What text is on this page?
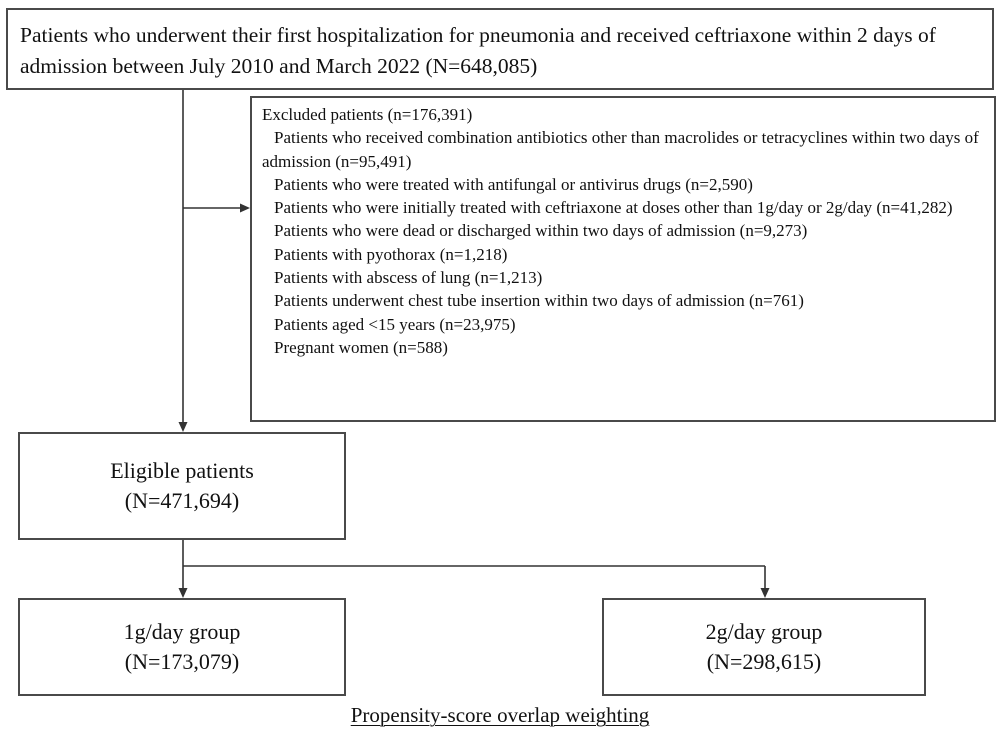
Patients who underwent their first hospitalization for pneumonia and received ceftriaxone within 2 days of admission between July 2010 and March 2022 (N=648,085)
Excluded patients (n=176,391)
Patients who received combination antibiotics other than macrolides or tetracyclines within two days of admission (n=95,491)
Patients who were treated with antifungal or antivirus drugs (n=2,590)
Patients who were initially treated with ceftriaxone at doses other than 1g/day or 2g/day (n=41,282)
Patients who were dead or discharged within two days of admission (n=9,273)
Patients with pyothorax (n=1,218)
Patients with abscess of lung (n=1,213)
Patients underwent chest tube insertion within two days of admission (n=761)
Patients aged <15 years (n=23,975)
Pregnant women (n=588)
Eligible patients
(N=471,694)
1g/day group
(N=173,079)
2g/day group
(N=298,615)
Propensity-score overlap weighting
